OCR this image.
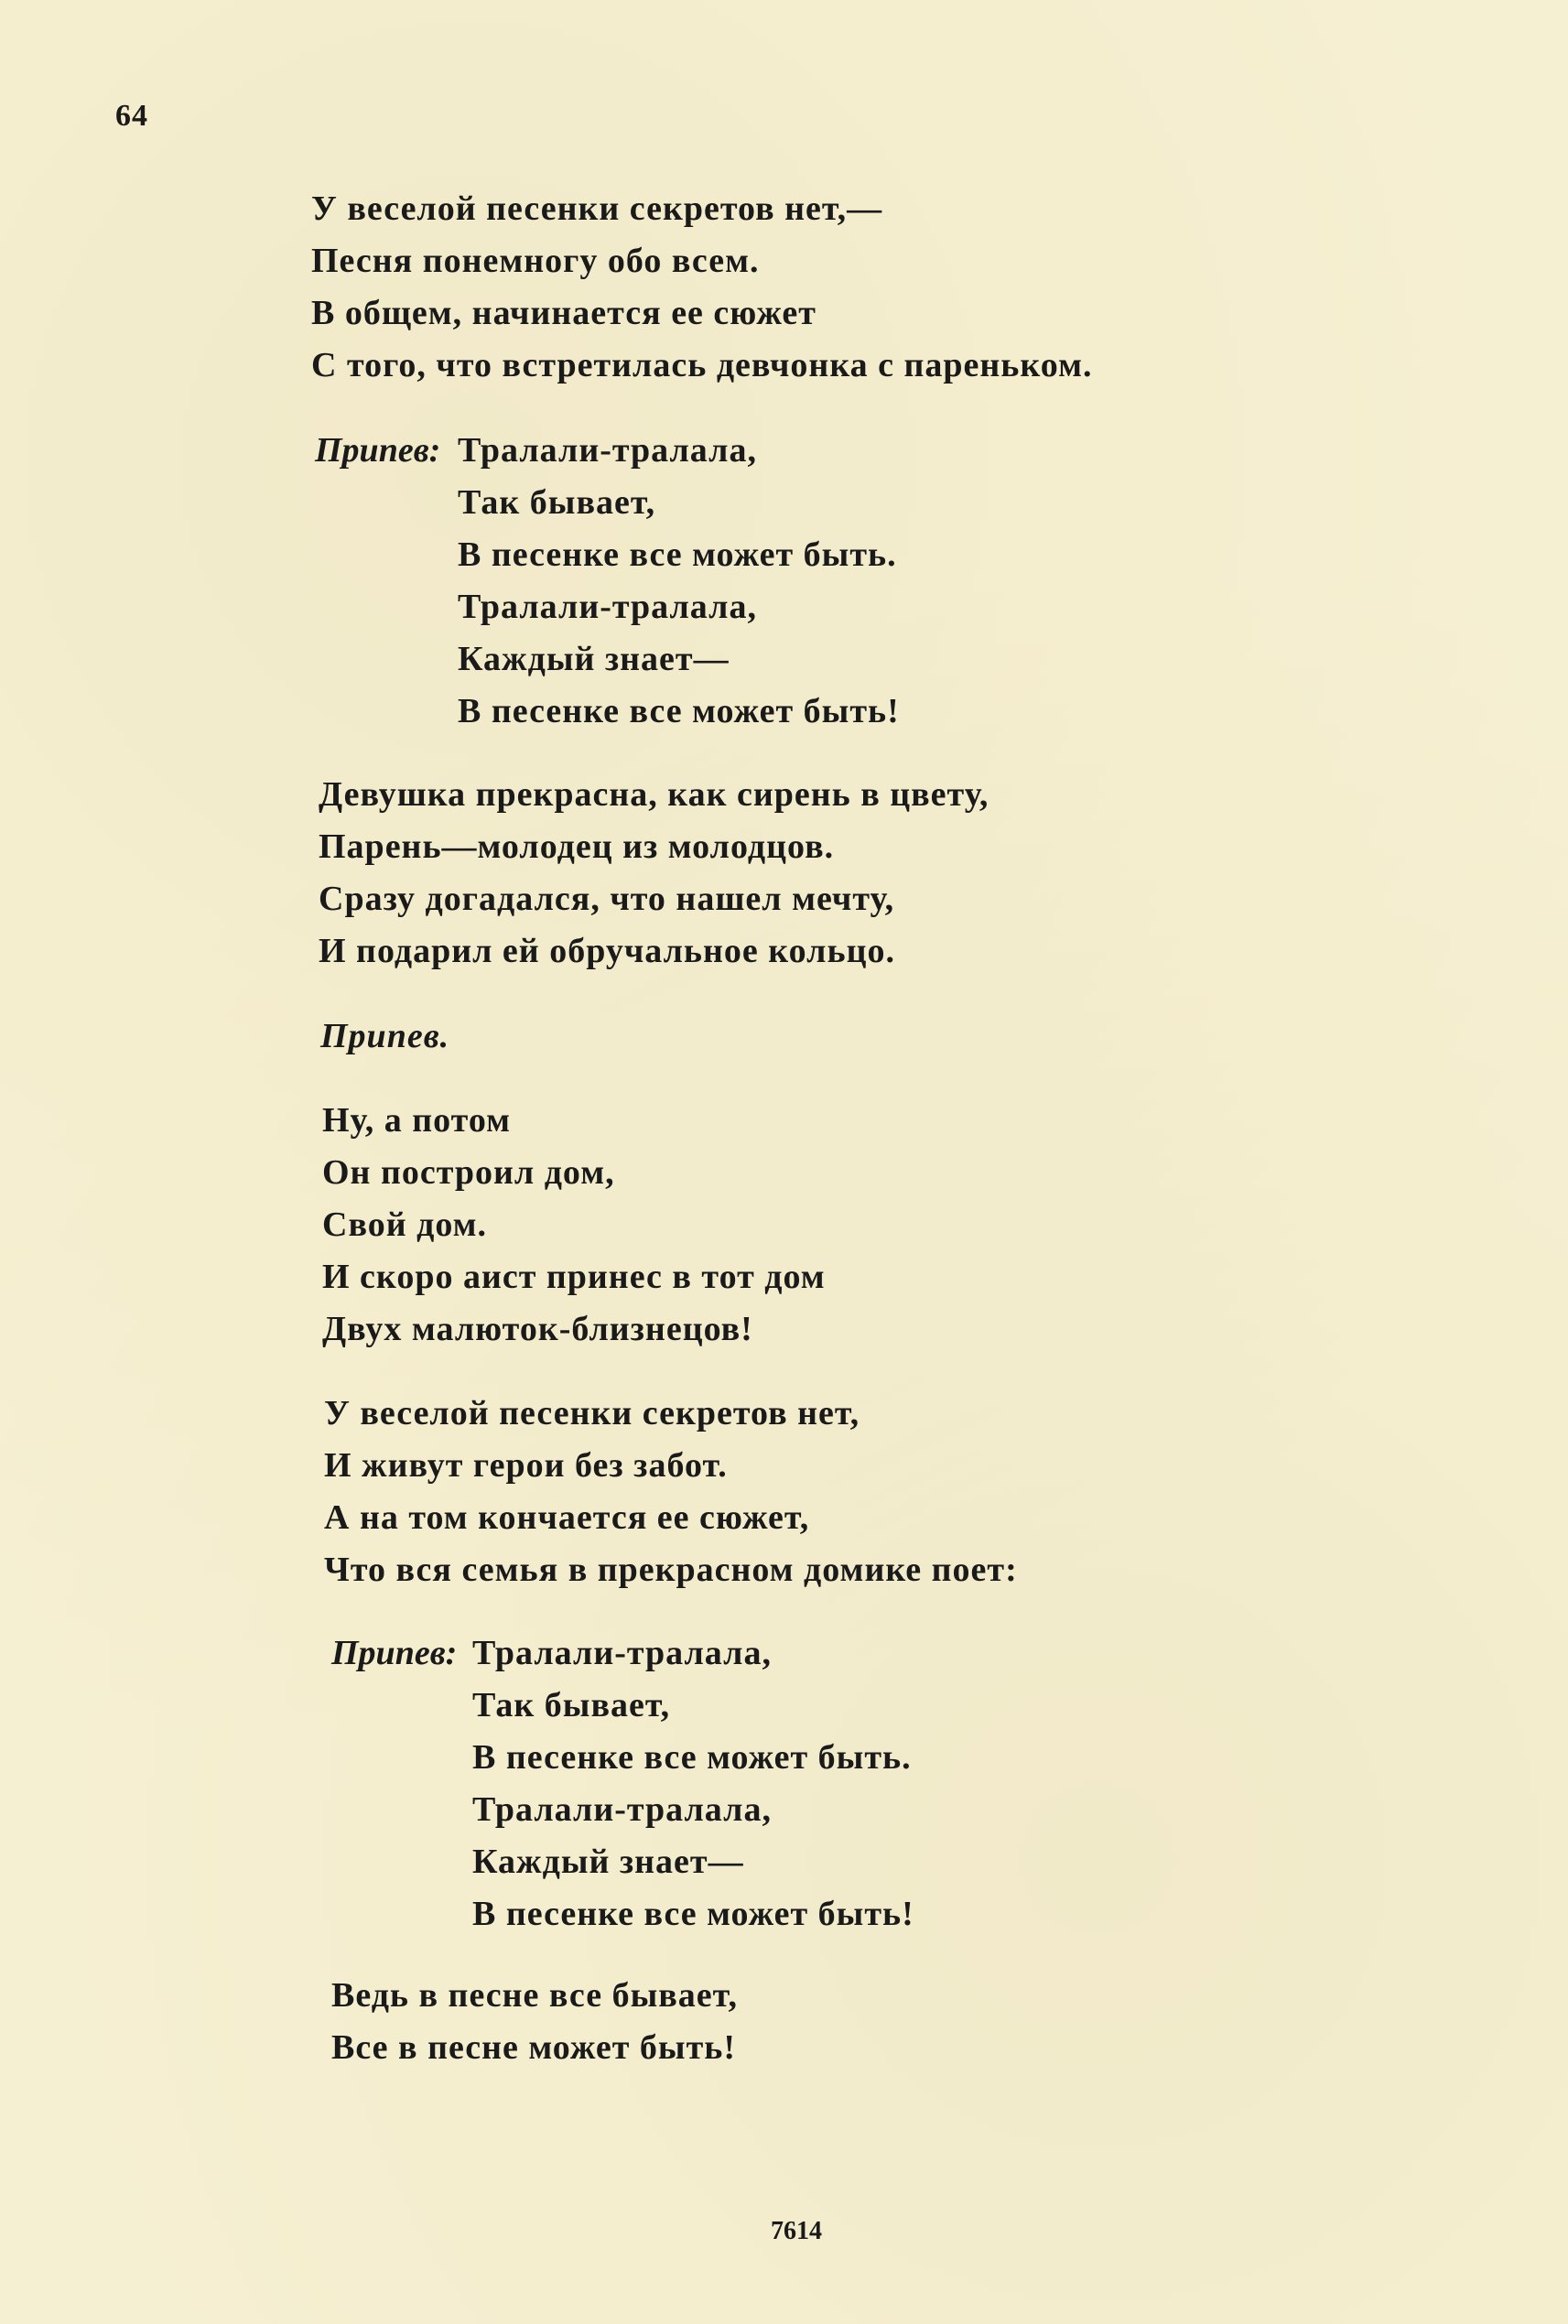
64
У веселой песенки секретов нет,—
Песня понемногу обо всем.
В общем, начинается ее сюжет
С того, что встретилась девчонка с пареньком.
Припев: Тралали-тралала,
Так бывает,
В песенке все может быть.
Тралали-тралала,
Каждый знает—
В песенке все может быть!
Девушка прекрасна, как сирень в цвету,
Парень—молодец из молодцов.
Сразу догадался, что нашел мечту,
И подарил ей обручальное кольцо.
Припев.
Ну, а потом
Он построил дом,
Свой дом.
И скоро аист принес в тот дом
Двух малюток-близнецов!
У веселой песенки секретов нет,
И живут герои без забот.
А на том кончается ее сюжет,
Что вся семья в прекрасном домике поет:
Припев: Тралали-тралала,
Так бывает,
В песенке все может быть.
Тралали-тралала,
Каждый знает—
В песенке все может быть!
Ведь в песне все бывает,
Все в песне может быть!
7614
